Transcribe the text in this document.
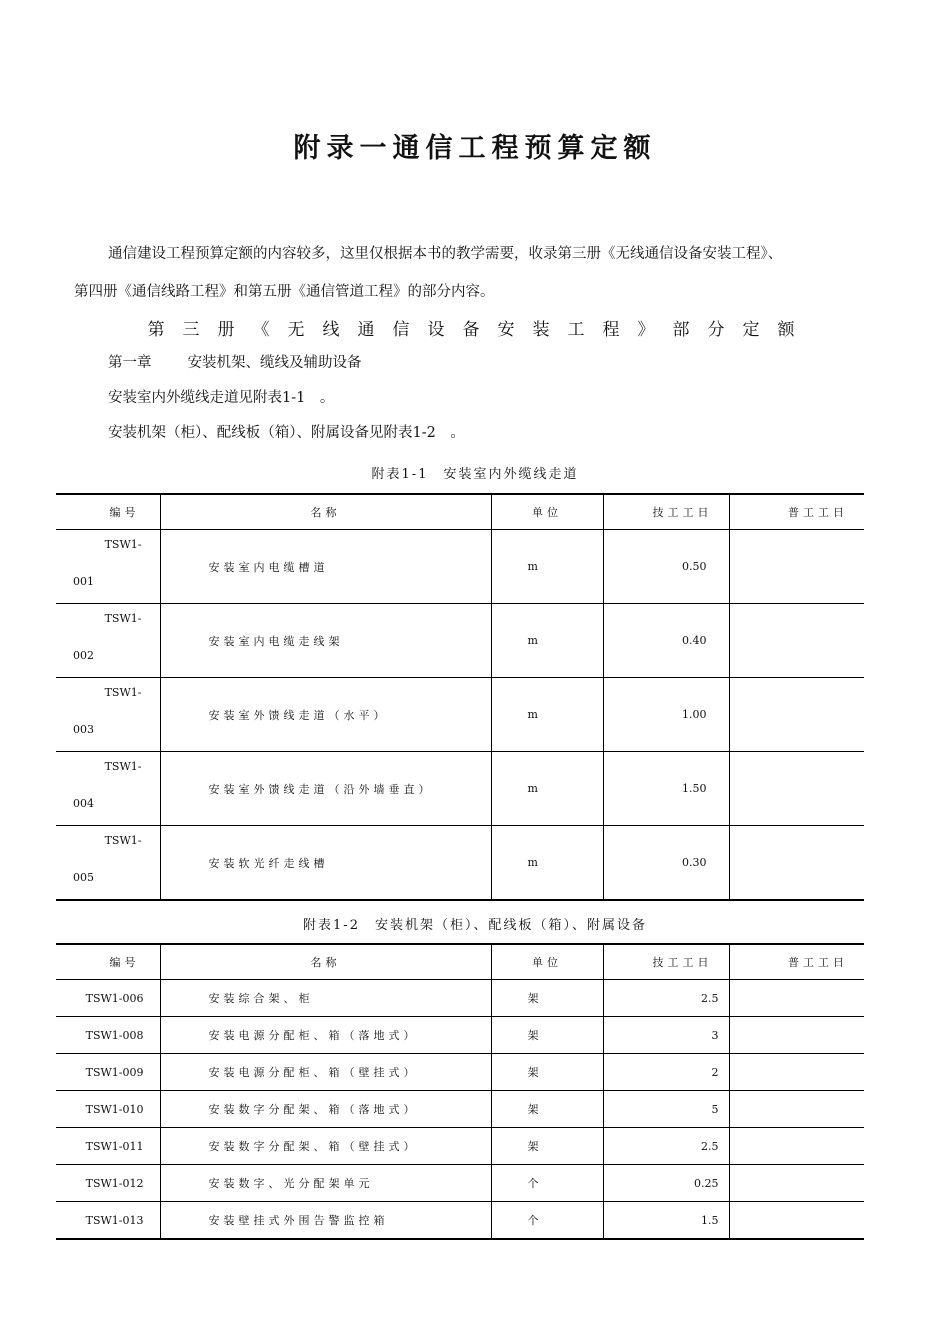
附录一通信工程预算定额
通信建设工程预算定额的内容较多，这里仅根据本书的教学需要，收录第三册《无线通信设备安装工程》、
第四册《通信线路工程》和第五册《通信管道工程》的部分内容。
第三册《无线通信设备安装工程》部分定额
第一章 安装机架、缆线及辅助设备
安装室内外缆线走道见附表1-1　。
安装机架（柜）、配线板（箱）、附属设备见附表1-2　。
附表1-1　安装室内外缆线走道
编号	名称	单位	技工工日	普工工日

TSW1-
001	安装室内电缆槽道	m	0.50	

TSW1-
002	安装室内电缆走线架	m	0.40	

TSW1-
003	安装室外馈线走道（水平）	m	1.00	

TSW1-
004	安装室外馈线走道（沿外墙垂直）	m	1.50	

TSW1-
005	安装软光纤走线槽	m	0.30	
附表1-2　安装机架（柜）、配线板（箱）、附属设备
编号	名称	单位	技工工日	普工工日
TSW1-006	安装综合架、柜	架	2.5	
TSW1-008	安装电源分配柜、箱（落地式）	架	3	
TSW1-009	安装电源分配柜、箱（壁挂式）	架	2	
TSW1-010	安装数字分配架、箱（落地式）	架	5	
TSW1-011	安装数字分配架、箱（壁挂式）	架	2.5	
TSW1-012	安装数字、光分配架单元	个	0.25	
TSW1-013	安装壁挂式外围告警监控箱	个	1.5	
